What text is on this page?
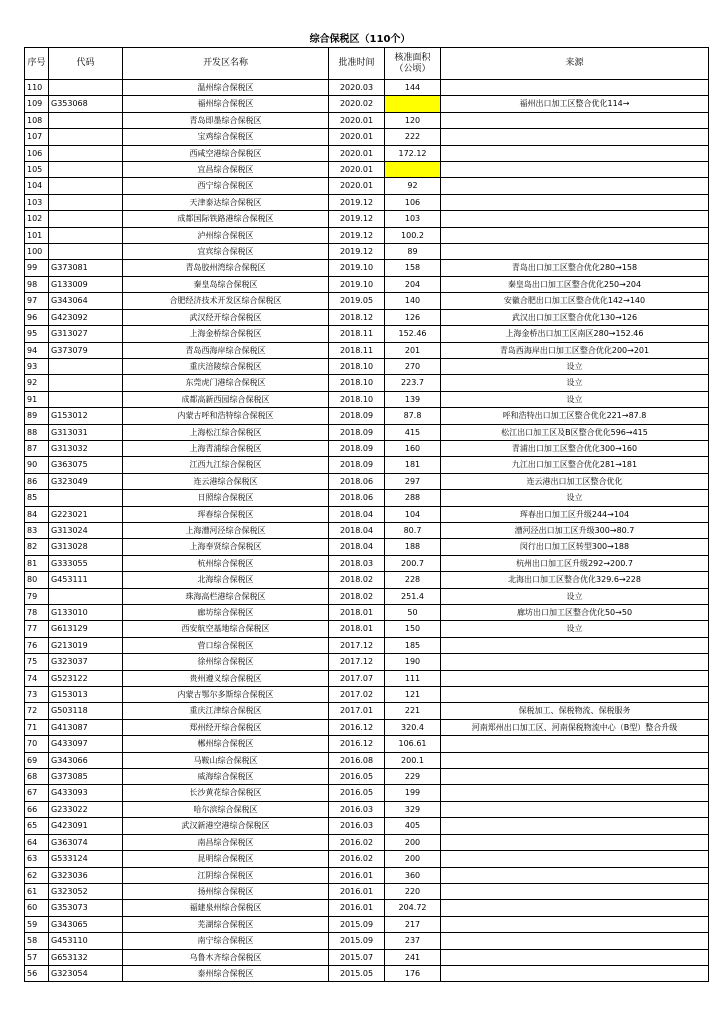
综合保税区（110个）
序号	代码	开发区名称	批准时间	核准面积（公顷）	来源
110		温州综合保税区	2020.03	144	
109	G353068	福州综合保税区	2020.02		福州出口加工区整合优化114→
108		青岛即墨综合保税区	2020.01	120	
107		宝鸡综合保税区	2020.01	222	
106		西咸空港综合保税区	2020.01	172.12	
105		宜昌综合保税区	2020.01		
104		西宁综合保税区	2020.01	92	
103		天津泰达综合保税区	2019.12	106	
102		成都国际铁路港综合保税区	2019.12	103	
101		泸州综合保税区	2019.12	100.2	
100		宜宾综合保税区	2019.12	89	
99	G373081	青岛胶州湾综合保税区	2019.10	158	青岛出口加工区整合优化280→158
98	G133009	秦皇岛综合保税区	2019.10	204	秦皇岛出口加工区整合优化250→204
97	G343064	合肥经济技术开发区综合保税区	2019.05	140	安徽合肥出口加工区整合优化142→140
96	G423092	武汉经开综合保税区	2018.12	126	武汉出口加工区整合优化130→126
95	G313027	上海金桥综合保税区	2018.11	152.46	上海金桥出口加工区南区280→152.46
94	G373079	青岛西海岸综合保税区	2018.11	201	青岛西海岸出口加工区整合优化200→201
93		重庆涪陵综合保税区	2018.10	270	设立
92		东莞虎门港综合保税区	2018.10	223.7	设立
91		成都高新西园综合保税区	2018.10	139	设立
89	G153012	内蒙古呼和浩特综合保税区	2018.09	87.8	呼和浩特出口加工区整合优化221→87.8
88	G313031	上海松江综合保税区	2018.09	415	松江出口加工区及B区整合优化596→415
87	G313032	上海青浦综合保税区	2018.09	160	青浦出口加工区整合优化300→160
90	G363075	江西九江综合保税区	2018.09	181	九江出口加工区整合优化281→181
86	G323049	连云港综合保税区	2018.06	297	连云港出口加工区整合优化
85		日照综合保税区	2018.06	288	设立
84	G223021	珲春综合保税区	2018.04	104	珲春出口加工区升级244→104
83	G313024	上海漕河泾综合保税区	2018.04	80.7	漕河泾出口加工区升级300→80.7
82	G313028	上海奉贤综合保税区	2018.04	188	闵行出口加工区转型300→188
81	G333055	杭州综合保税区	2018.03	200.7	杭州出口加工区升级292→200.7
80	G453111	北海综合保税区	2018.02	228	北海出口加工区整合优化329.6→228
79		珠海高栏港综合保税区	2018.02	251.4	设立
78	G133010	廊坊综合保税区	2018.01	50	廊坊出口加工区整合优化50→50
77	G613129	西安航空基地综合保税区	2018.01	150	设立
76	G213019	营口综合保税区	2017.12	185	
75	G323037	徐州综合保税区	2017.12	190	
74	G523122	贵州遵义综合保税区	2017.07	111	
73	G153013	内蒙古鄂尔多斯综合保税区	2017.02	121	
72	G503118	重庆江津综合保税区	2017.01	221	保税加工、保税物流、保税服务
71	G413087	郑州经开综合保税区	2016.12	320.4	河南郑州出口加工区、河南保税物流中心（B型）整合升级
70	G433097	郴州综合保税区	2016.12	106.61	
69	G343066	马鞍山综合保税区	2016.08	200.1	
68	G373085	威海综合保税区	2016.05	229	
67	G433093	长沙黄花综合保税区	2016.05	199	
66	G233022	哈尔滨综合保税区	2016.03	329	
65	G423091	武汉新港空港综合保税区	2016.03	405	
64	G363074	南昌综合保税区	2016.02	200	
63	G533124	昆明综合保税区	2016.02	200	
62	G323036	江阴综合保税区	2016.01	360	
61	G323052	扬州综合保税区	2016.01	220	
60	G353073	福建泉州综合保税区	2016.01	204.72	
59	G343065	芜湖综合保税区	2015.09	217	
58	G453110	南宁综合保税区	2015.09	237	
57	G653132	乌鲁木齐综合保税区	2015.07	241	
56	G323054	泰州综合保税区	2015.05	176	
